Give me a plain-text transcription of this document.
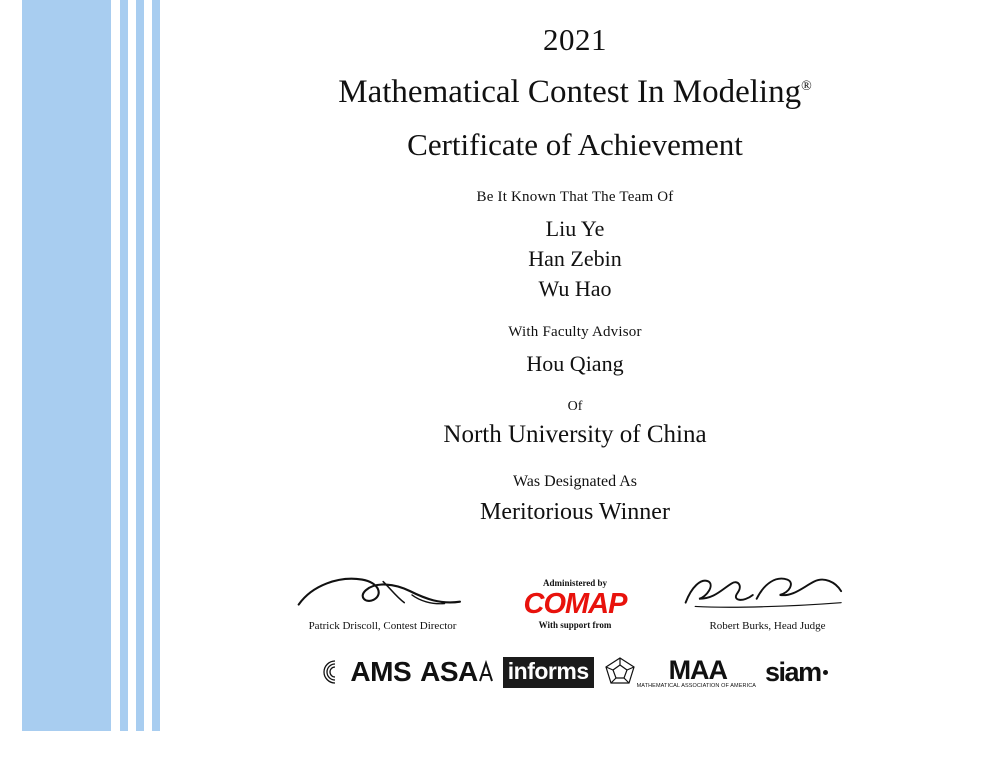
2021
Mathematical Contest In Modeling®
Certificate of Achievement
Be It Known That The Team Of
Liu Ye
Han Zebin
Wu Hao
With Faculty Advisor
Hou Qiang
Of
North University of China
Was Designated As
Meritorious Winner
Patrick Driscoll, Contest Director
Administered by
COMAP
With support from	Robert Burks, Head Judge
AMS ASA informs	MAA
MATHEMATICAL ASSOCIATION OF AMERICA siam
